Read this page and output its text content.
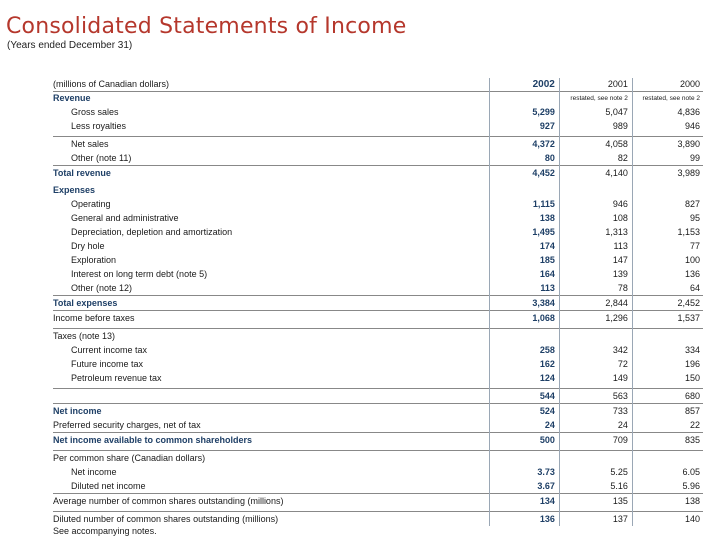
Consolidated Statements of Income
(Years ended December 31)
(millions of Canadian dollars)	2002	2001	2000
Revenue		restated, see note 2	restated, see note 2
Gross sales	5,299	5,047	4,836
Less royalties	927	989	946

Net sales	4,372	4,058	3,890
Other (note 11)	80	82	99
Total revenue	4,452	4,140	3,989

Expenses			
Operating	1,115	946	827
General and administrative	138	108	95
Depreciation, depletion and amortization	1,495	1,313	1,153
Dry hole	174	113	77
Exploration	185	147	100
Interest on long term debt (note 5)	164	139	136
Other (note 12)	113	78	64
Total expenses	3,384	2,844	2,452
Income before taxes	1,068	1,296	1,537

Taxes (note 13)			
Current income tax	258	342	334
Future income tax	162	72	196
Petroleum revenue tax	124	149	150

	544	563	680
Net income	524	733	857
Preferred security charges, net of tax	24	24	22
Net income available to common shareholders	500	709	835

Per common share (Canadian dollars)			
Net income	3.73	5.25	6.05
Diluted net income	3.67	5.16	5.96
Average number of common shares outstanding (millions)	134	135	138

Diluted number of common shares outstanding (millions)	136	137	140
See accompanying notes.
